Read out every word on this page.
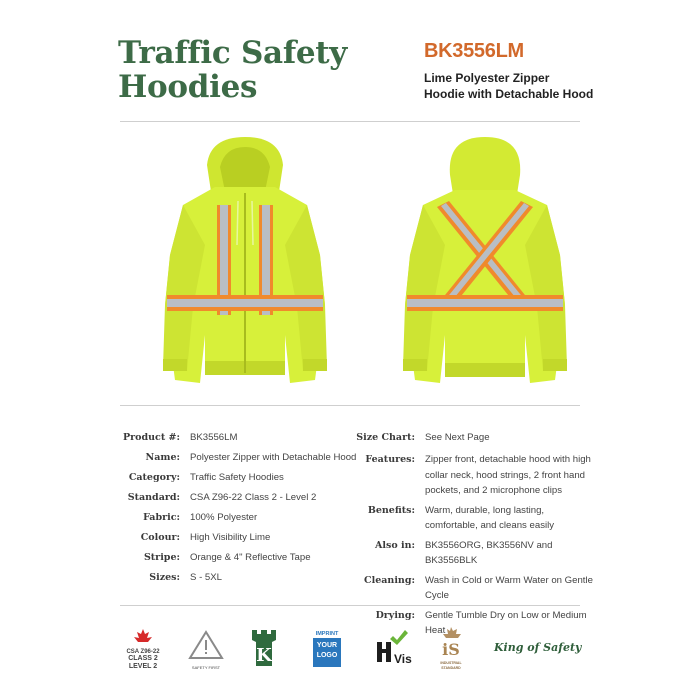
Traffic Safety
Hoodies
BK3556LM
Lime Polyester Zipper
Hoodie with Detachable Hood
Product #:	BK3556LM
Name:	Polyester Zipper with Detachable Hood
Category:	Traffic Safety Hoodies
Standard:	CSA Z96-22 Class 2 - Level 2
Fabric:	100% Polyester
Colour:	High Visibility Lime
Stripe:	Orange & 4" Reflective Tape
Sizes:	S - 5XL
Size Chart:	See Next Page
Features:	Zipper front, detachable hood with high collar neck, hood strings, 2 front hand pockets, and 2 microphone clips
Benefits:	Warm, durable, long lasting, comfortable, and cleans easily
Also in:	BK3556ORG, BK3556NV and BK3556BLK
Cleaning:	Wash in Cold or Warm Water on Gentle Cycle
Drying:	Gentle Tumble Dry on Low or Medium Heat
CSA Z96-22
CLASS 2
LEVEL 2	SAFETY FIRST
K
IMPRINT
YOUR
LOGO	Vis iS
INDUSTRIAL STANDARD
King of Safety
